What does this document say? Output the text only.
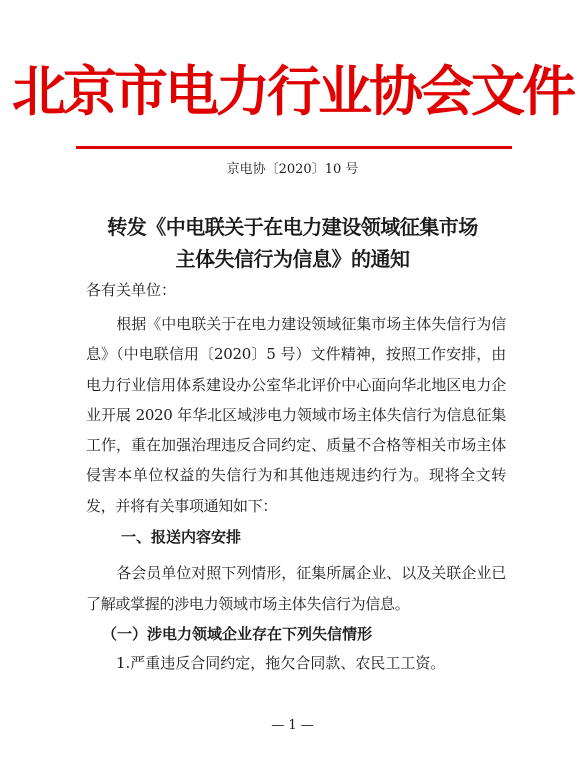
北京市电力行业协会文件
京电协〔2020〕10 号
转发《中电联关于在电力建设领域征集市场
主体失信行为信息》的通知
各有关单位：
根据《中电联关于在电力建设领域征集市场主体失信行为信息》（中电联信用〔2020〕5 号）文件精神，按照工作安排，由电力行业信用体系建设办公室华北评价中心面向华北地区电力企业开展 2020 年华北区域涉电力领域市场主体失信行为信息征集工作，重在加强治理违反合同约定、质量不合格等相关市场主体侵害本单位权益的失信行为和其他违规违约行为。现将全文转发，并将有关事项通知如下：
一、报送内容安排
各会员单位对照下列情形，征集所属企业、以及关联企业已了解或掌握的涉电力领域市场主体失信行为信息。
（一）涉电力领域企业存在下列失信情形
1.严重违反合同约定，拖欠合同款、农民工工资。
— 1 —
